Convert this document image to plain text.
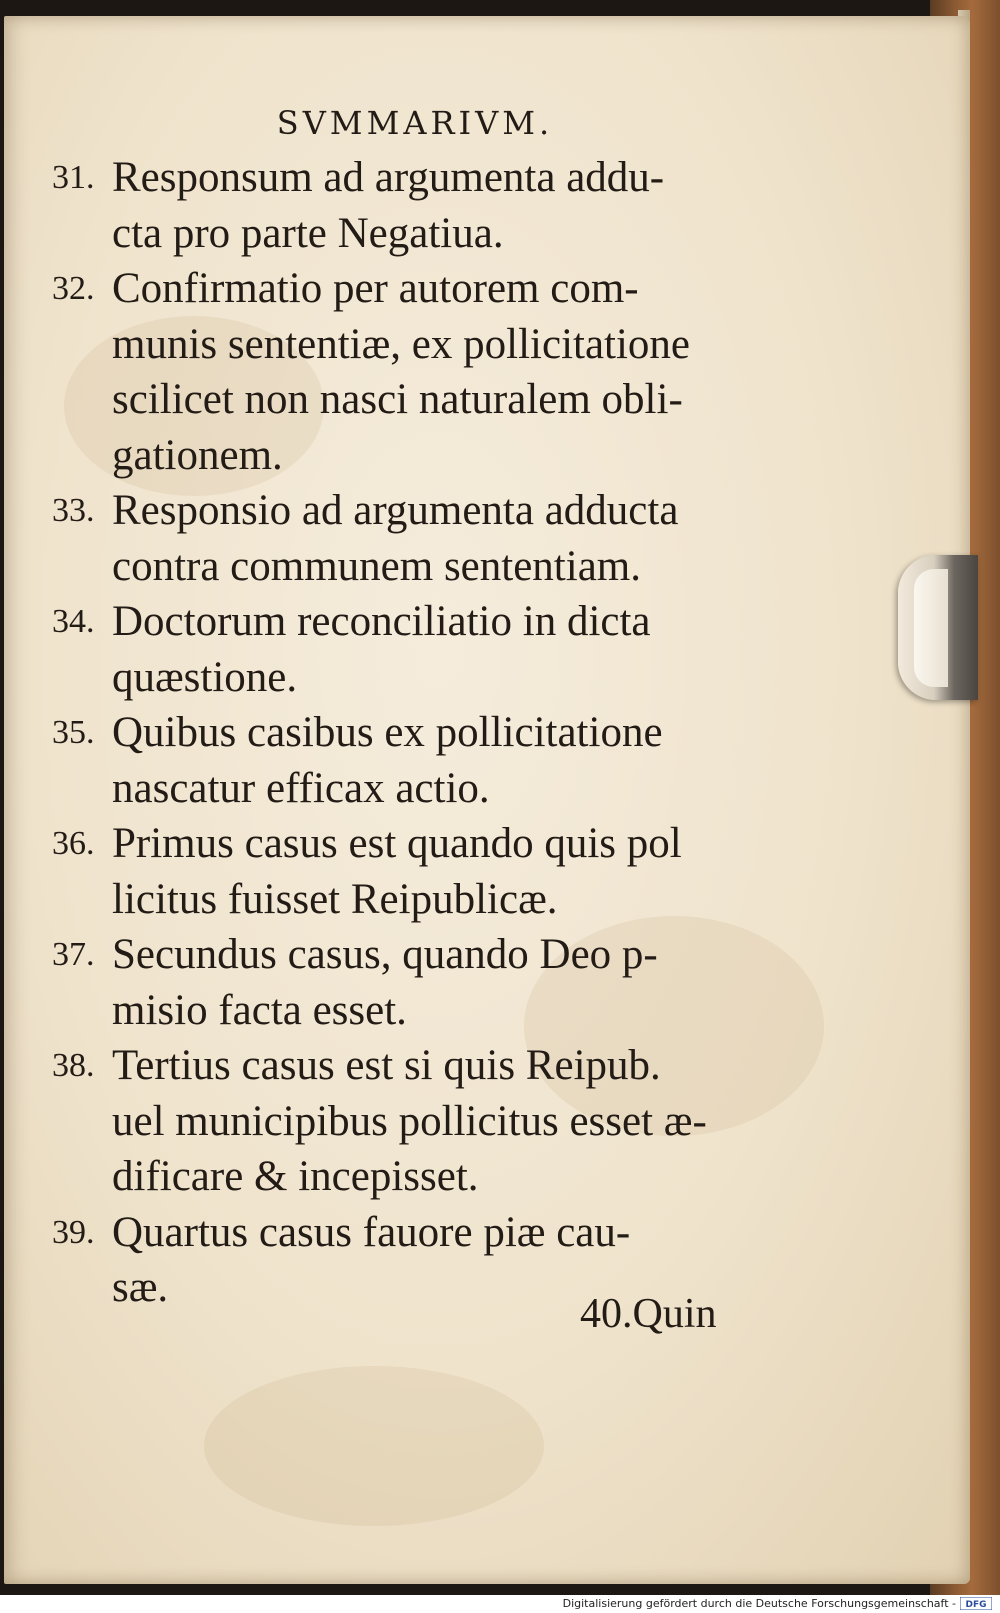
SVMMARIVM.
31. Responsum ad argumenta addu-
cta pro parte Negatiua.
32. Confirmatio per autorem com-
munis sententiæ, ex pollicitatione
scilicet non nasci naturalem obli-
gationem.
33. Responsio ad argumenta adducta
contra communem sententiam.
34. Doctorum reconciliatio in dicta
quæstione.
35. Quibus casibus ex pollicitatione
nascatur efficax actio.
36. Primus casus est quando quis pol
licitus fuisset Reipublicæ.
37. Secundus casus, quando Deo p-
misio facta esset.
38. Tertius casus est si quis Reipub.
uel municipibus pollicitus esset æ-
dificare & incepisset.
39. Quartus casus fauore piæ cau-
sæ.
40.Quin
Digitalisierung gefördert durch die Deutsche Forschungsgemeinschaft - DFG
